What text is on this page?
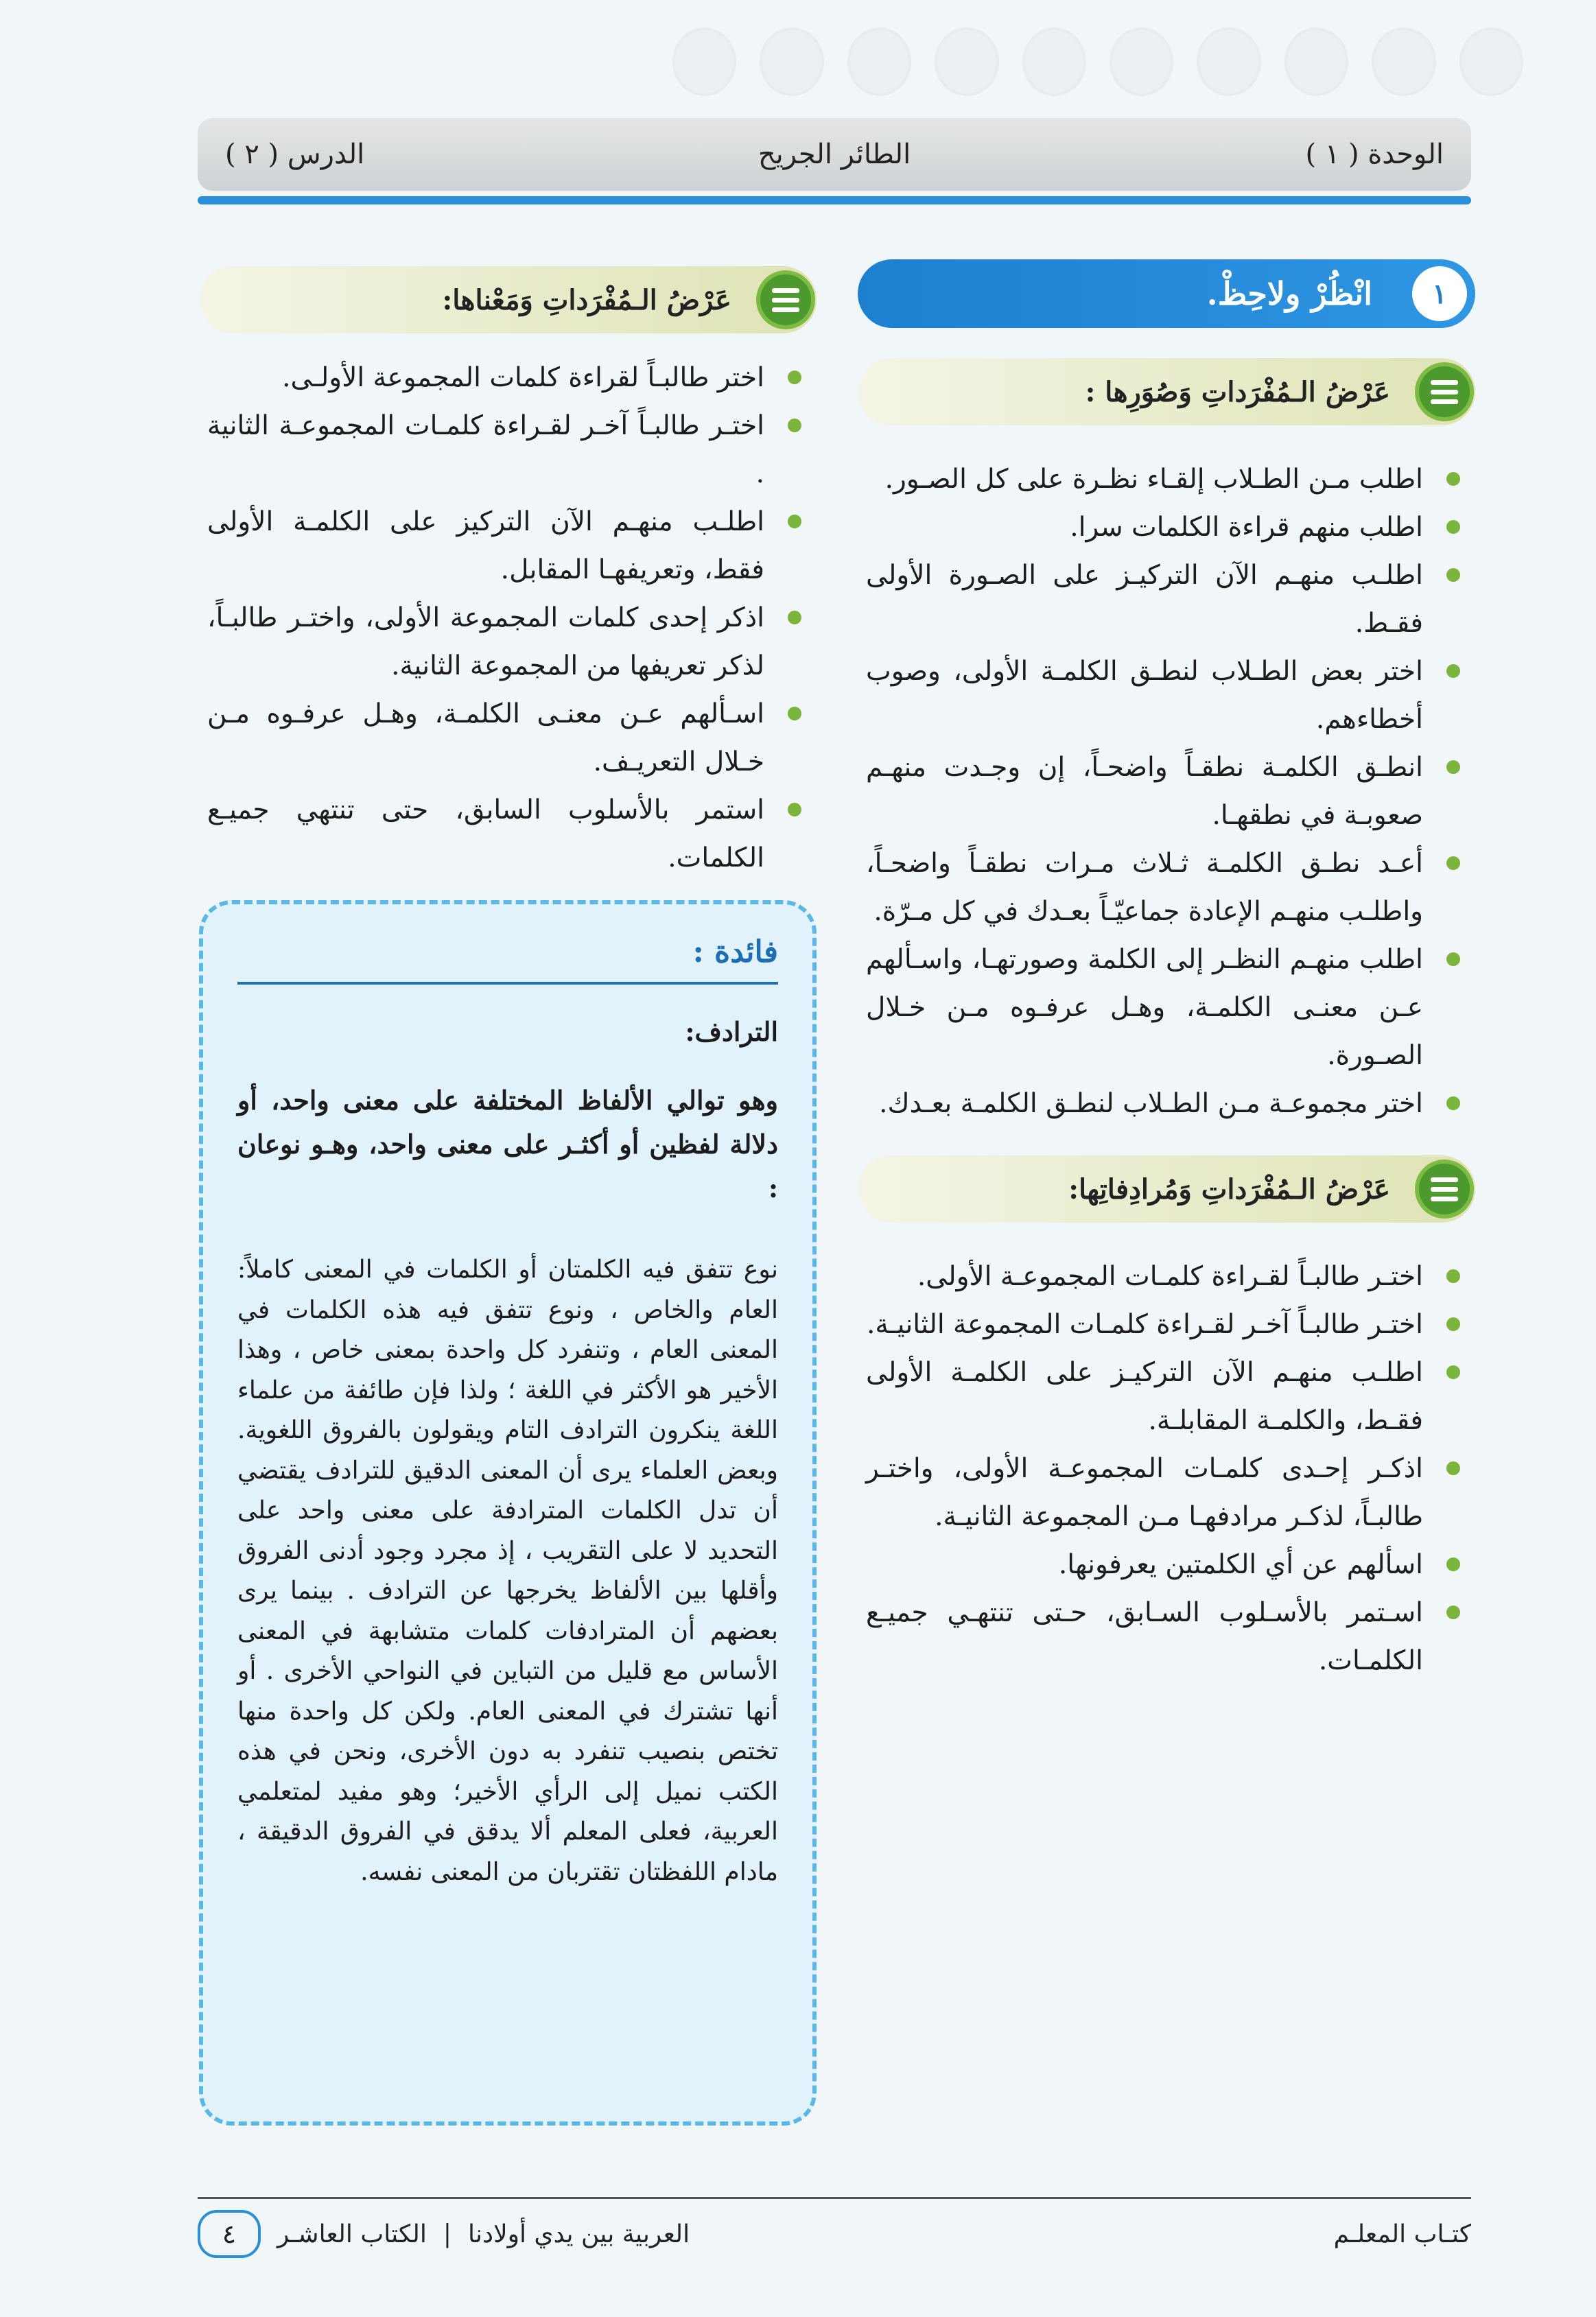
الوحدة ( ١ )
الطائر الجريح
الدرس ( ٢ )
١
انْظُرْ ولاحِظْ.
عَرْضُ الـمُفْرَداتِ وَصُوَرِها :
اطلب مـن الطـلاب إلقـاء نظـرة على كل الصـور.
اطلب منهم قراءة الكلمات سرا.
اطلـب منهـم الآن التركيـز على الصـورة الأولى فقـط.
اختر بعض الطـلاب لنطـق الكلمـة الأولى، وصوب أخطاءهم.
انطـق الكلمـة نطقـاً واضحـاً، إن وجـدت منهـم صعوبـة في نطقهـا.
أعـد نطـق الكلمـة ثـلاث مـرات نطقـاً واضحـاً، واطلـب منهـم الإعادة جماعيّـاً بعـدك في كل مـرّة.
اطلب منهـم النظـر إلى الكلمة وصورتهـا، واسـألهم عـن معنـى الكلمـة، وهـل عرفـوه مـن خـلال الصـورة.
اختر مجموعـة مـن الطـلاب لنطـق الكلمـة بعـدك.
عَرْضُ الـمُفْرَداتِ وَمُرادِفاتِها:
اختـر طالبـاً لقـراءة كلمـات المجموعـة الأولى.
اختـر طالبـاً آخـر لقـراءة كلمـات المجموعة الثانيـة.
اطلـب منهـم الآن التركيـز على الكلمـة الأولى فقـط، والكلمـة المقابلـة.
اذكـر إحـدى كلمـات المجموعـة الأولى، واختـر طالبـاً، لذكـر مرادفهـا مـن المجموعة الثانيـة.
اسألهم عن أي الكلمتين يعرفونها.
اسـتمر بالأسـلوب السـابق، حـتى تنتهـي جميـع الكلمـات.
عَرْضُ الـمُفْرَداتِ وَمَعْناها:
اختر طالبـاً لقراءة كلمات المجموعة الأولـى.
اختـر طالبـاً آخـر لقـراءة كلمـات المجموعـة الثانية .
اطلـب منهـم الآن التركيز على الكلمـة الأولى فقط، وتعريفهـا المقابل.
اذكر إحدى كلمات المجموعة الأولى، واختـر طالبـاً، لذكر تعريفها من المجموعة الثانية.
اسـألهم عـن معنـى الكلمـة، وهـل عرفـوه مـن خـلال التعريـف.
استمر بالأسلوب السابق، حتى تنتهي جميـع الكلمات.
فائدة :
الترادف:

وهو توالي الألفاظ المختلفة على معنى واحد، أو دلالة لفظين أو أكثـر على معنى واحد، وهـو نوعان :

نوع تتفق فيه الكلمتان أو الكلمات في المعنى كاملاً: العام والخاص ، ونوع تتفق فيه هذه الكلمات في المعنى العام ، وتنفرد كل واحدة بمعنى خاص ، وهذا الأخير هو الأكثر في اللغة ؛ ولذا فإن طائفة من علماء اللغة ينكرون الترادف التام ويقولون بالفروق اللغوية. وبعض العلماء يرى أن المعنى الدقيق للترادف يقتضي أن تدل الكلمات المترادفة على معنى واحد على التحديد لا على التقريب ، إذ مجرد وجود أدنى الفروق وأقلها بين الألفاظ يخرجها عن الترادف . بينما يرى بعضهم أن المترادفات كلمات متشابهة في المعنى الأساس مع قليل من التباين في النواحي الأخرى . أو أنها تشترك في المعنى العام. ولكن كل واحدة منها تختص بنصيب تنفرد به دون الأخرى، ونحن في هذه الكتب نميل إلى الرأي الأخير؛ وهو مفيد لمتعلمي العربية، فعلى المعلم ألا يدقق في الفروق الدقيقة ، مادام اللفظتان تقتربان من المعنى نفسه.

كتـاب المعلـم
العربية بين يدي أولادنا
|
الكتاب العاشـر
٤
